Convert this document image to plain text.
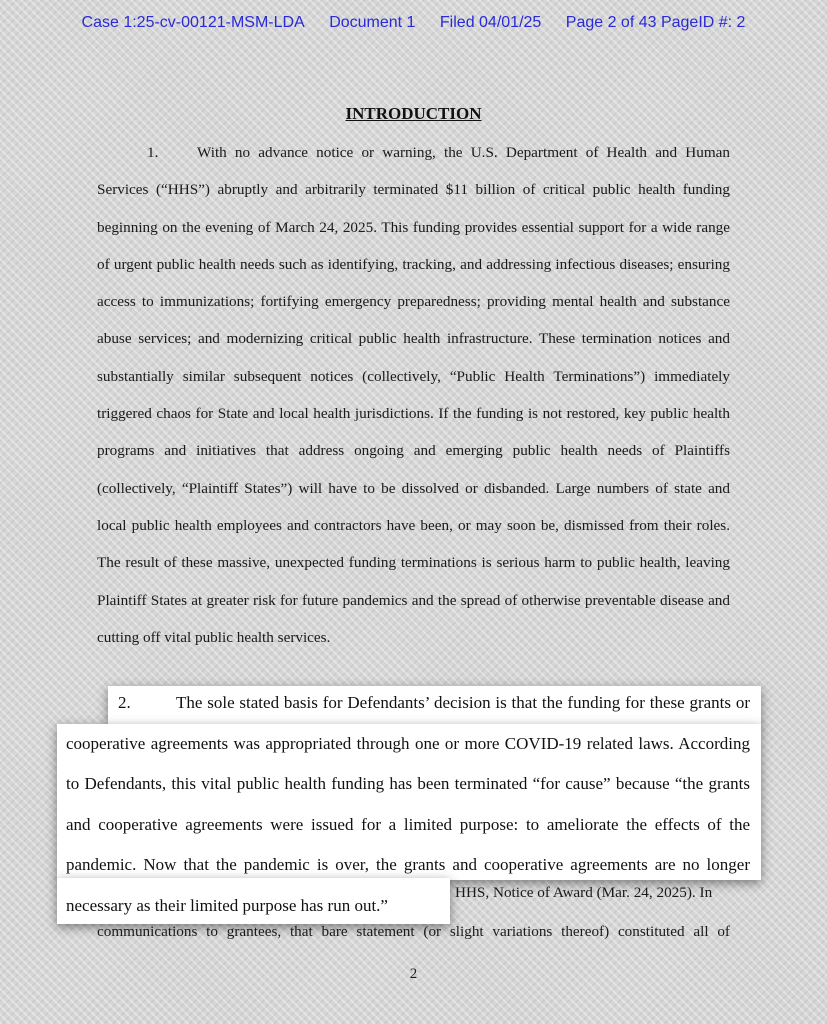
Case 1:25-cv-00121-MSM-LDA Document 1 Filed 04/01/25 Page 2 of 43 PageID #: 2
INTRODUCTION

1.	With no advance notice or warning, the U.S. Department of Health and Human Services (“HHS”) abruptly and arbitrarily terminated $11 billion of critical public health funding beginning on the evening of March 24, 2025. This funding provides essential support for a wide range of urgent public health needs such as identifying, tracking, and addressing infectious diseases; ensuring access to immunizations; fortifying emergency preparedness; providing mental health and substance abuse services; and modernizing critical public health infrastructure. These termination notices and substantially similar subsequent notices (collectively, “Public Health Terminations”) immediately triggered chaos for State and local health jurisdictions. If the funding is not restored, key public health programs and initiatives that address ongoing and emerging public health needs of Plaintiffs (collectively, “Plaintiff States”) will have to be dissolved or disbanded. Large numbers of state and local public health employees and contractors have been, or may soon be, dismissed from their roles. The result of these massive, unexpected funding terminations is serious harm to public health, leaving Plaintiff States at greater risk for future pandemics and the spread of otherwise preventable disease and cutting off vital public health services.

2.	The sole stated basis for Defendants’ decision is that the funding for these grants or cooperative agreements was appropriated through one or more COVID-19 related laws. According to Defendants, this vital public health funding has been terminated “for cause” because “the grants and cooperative agreements were issued for a limited purpose: to ameliorate the effects of the pandemic. Now that the pandemic is over, the grants and cooperative agreements are no longer necessary as their limited purpose has run out.”

HHS, Notice of Award (Mar. 24, 2025). In
communications to grantees, that bare statement (or slight variations thereof) constituted all of
2
